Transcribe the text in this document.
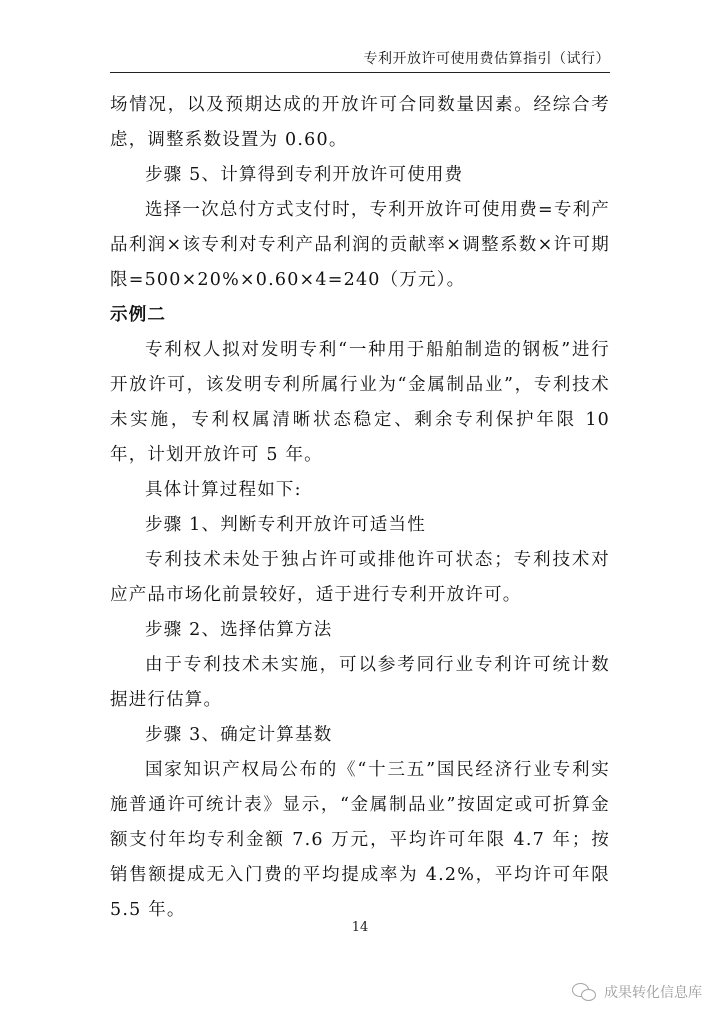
专利开放许可使用费估算指引（试行）

场情况，以及预期达成的开放许可合同数量因素。经综合考虑，调整系数设置为 0.60。

步骤 5、计算得到专利开放许可使用费

选择一次总付方式支付时，专利开放许可使用费=专利产品利润×该专利对专利产品利润的贡献率×调整系数×许可期限=500×20%×0.60×4=240（万元）。

示例二

专利权人拟对发明专利“一种用于船舶制造的钢板”进行开放许可，该发明专利所属行业为“金属制品业”，专利技术未实施，专利权属清晰状态稳定、剩余专利保护年限 10 年，计划开放许可 5 年。

具体计算过程如下:

步骤 1、判断专利开放许可适当性

专利技术未处于独占许可或排他许可状态；专利技术对应产品市场化前景较好，适于进行专利开放许可。

步骤 2、选择估算方法

由于专利技术未实施，可以参考同行业专利许可统计数据进行估算。

步骤 3、确定计算基数

国家知识产权局公布的《“十三五”国民经济行业专利实施普通许可统计表》显示，“金属制品业”按固定或可折算金额支付年均专利金额 7.6 万元，平均许可年限 4.7 年；按销售额提成无入门费的平均提成率为 4.2%，平均许可年限 5.5 年。

14
成果转化信息库
